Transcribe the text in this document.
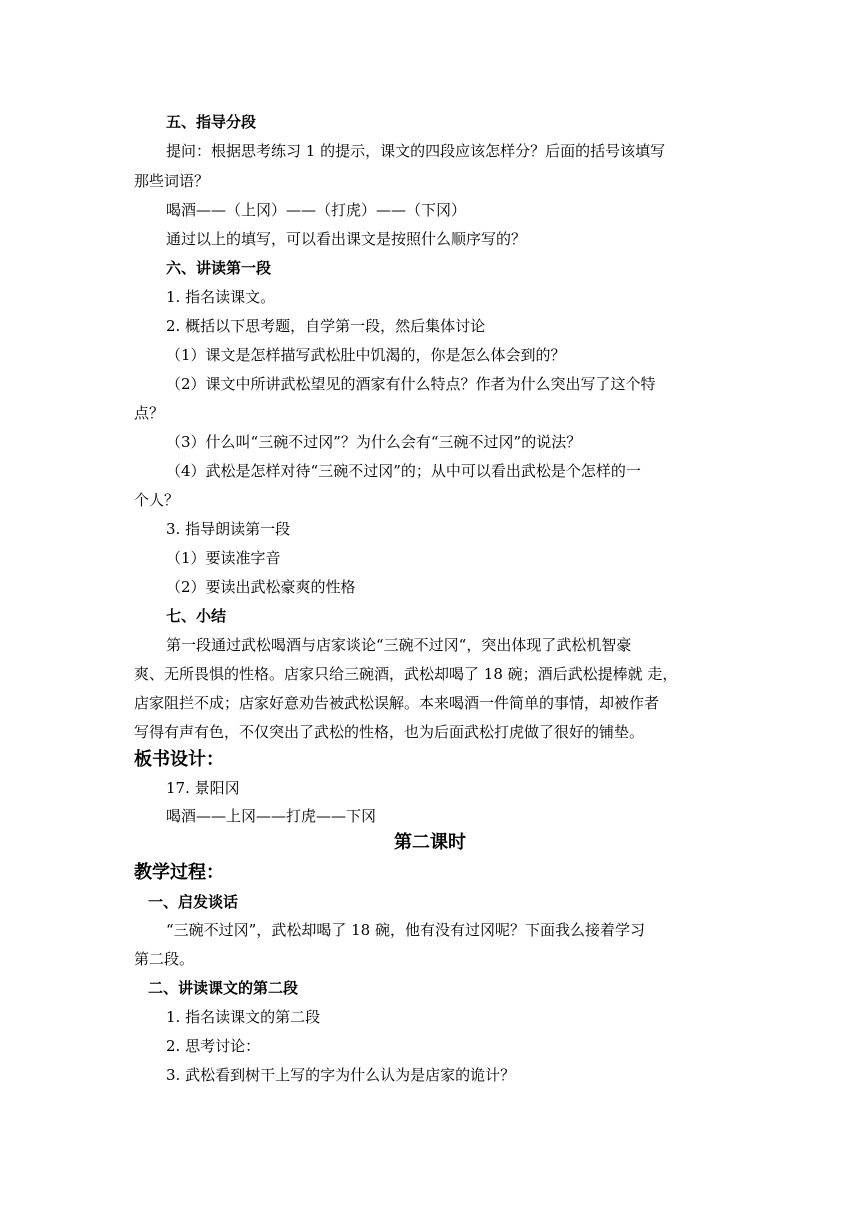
五、指导分段
提问：根据思考练习 1 的提示，课文的四段应该怎样分？后面的括号该填写
那些词语？
喝酒——（上冈）——（打虎）——（下冈）
通过以上的填写，可以看出课文是按照什么顺序写的？
六、讲读第一段
1. 指名读课文。
2. 概括以下思考题，自学第一段，然后集体讨论
（1）课文是怎样描写武松肚中饥渴的，你是怎么体会到的？
（2）课文中所讲武松望见的酒家有什么特点？作者为什么突出写了这个特
点？
（3）什么叫“三碗不过冈”？为什么会有“三碗不过冈”的说法？
（4）武松是怎样对待“三碗不过冈”的；从中可以看出武松是个怎样的一
个人？
3. 指导朗读第一段
（1）要读准字音
（2）要读出武松豪爽的性格
七、小结
第一段通过武松喝酒与店家谈论“三碗不过冈“，突出体现了武松机智豪
爽、无所畏惧的性格。店家只给三碗酒，武松却喝了 18 碗；酒后武松提棒就 走，
店家阻拦不成；店家好意劝告被武松误解。本来喝酒一件简单的事情，却被作者
写得有声有色，不仅突出了武松的性格，也为后面武松打虎做了很好的铺垫。
板书设计：
17. 景阳冈
喝酒——上冈——打虎——下冈
第二课时
教学过程：
一、启发谈话
“三碗不过冈”，武松却喝了 18 碗，他有没有过冈呢？下面我么接着学习
第二段。
二、讲读课文的第二段
1. 指名读课文的第二段
2. 思考讨论：
3. 武松看到树干上写的字为什么认为是店家的诡计？
